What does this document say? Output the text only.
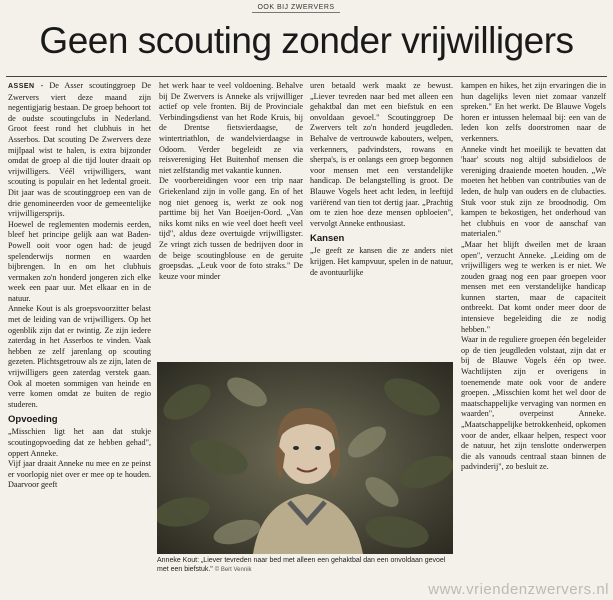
OOK BIJ ZWERVERS
Geen scouting zonder vrijwilligers

ASSEN - De Asser scoutinggroep De Zwervers viert deze maand zijn negentigjarig bestaan. De groep behoort tot de oudste scoutingclubs in Nederland. Groot feest rond het clubhuis in het Asserbos. Dat scouting De Zwervers deze mijlpaal wist te halen, is extra bijzonder omdat de groep al die tijd louter draait op vrijwilligers. Véél vrijwilligers, want scouting is populair en het ledental groeit. Dit jaar was de scoutinggroep een van de drie genomineerden voor de gemeentelijke vrijwilligersprijs.

Hoewel de reglementen modernis eerden, bleef het principe gelijk aan wat Baden-Powell ooit voor ogen had: de jeugd spelenderwijs normen en waarden bijbrengen. In en om het clubhuis vermaken zo'n honderd jongeren zich elke week een paar uur. Met elkaar en in de natuur.

Anneke Kout is als groepsvoorzitter belast met de leiding van de vrijwilligers. Op het ogenblik zijn dat er twintig. Ze zijn iedere zaterdag in het Asserbos te vinden. Vaak hebben ze zelf jarenlang op scouting gezeten. Plichtsgetrouw als ze zijn, laten de vrijwilligers geen zaterdag verstek gaan. Ook al moeten sommigen van heinde en verre komen omdat ze buiten de regio studeren.

Opvoeding

„Misschien ligt het aan dat stukje scoutingopvoeding dat ze hebben gehad", oppert Anneke.

Vijf jaar draait Anneke nu mee en ze peinst er voorlopig niet over er mee op te houden. Daarvoor geeft

het werk haar te veel voldoening. Behalve bij De Zwervers is Anneke als vrijwilliger actief op vele fronten. Bij de Provinciale Verbindingsdienst van het Rode Kruis, bij de Drentse fietsvierdaagse, de wintertriathlon, de wandelvierdaagse in Odoorn. Verder begeleidt ze via reisvereniging Het Buitenhof mensen die niet zelfstandig met vakantie kunnen.

De voorbereidingen voor een trip naar Griekenland zijn in volle gang. En of het nog niet genoeg is, werkt ze ook nog parttime bij het Van Boeijen-Oord. „Van niks komt niks en wie veel doet heeft veel tijd", aldus deze overtuigde vrijwilligster. Ze vringt zich tussen de bedrijven door in de beige scoutingblouse en de geruite groepsdas. „Leuk voor de foto straks." De keuze voor minder

uren betaald werk maakt ze bewust. „Liever tevreden naar bed met alleen een gehaktbal dan met een biefstuk en een onvoldaan gevoel." Scoutinggroep De Zwervers telt zo'n honderd jeugdleden. Behalve de vertrouwde kabouters, welpen, verkenners, padvindsters, rowans en sherpa's, is er onlangs een groep begonnen voor mensen met een verstandelijke handicap. De belangstelling is groot. De Blauwe Vogels heet acht leden, in leeftijd variërend van tien tot dertig jaar. „Prachtig om te zien hoe deze mensen opbloeien", vervolgt Anneke enthousiast.

Kansen

„Je geeft ze kansen die ze anders niet krijgen. Het kampvuur, spelen in de natuur, de avontuurlijke

kampen en hikes, het zijn ervaringen die in hun dagelijks leven niet zomaar vanzelf spreken." En het werkt. De Blauwe Vogels horen er intussen helemaal bij: een van de leden kon zelfs doorstromen naar de verkenners.

Anneke vindt het moeilijk te bevatten dat 'haar' scouts nog altijd subsidieloos de vereniging draaiende moeten houden. „We moeten het hebben van contributies van de leden, de hulp van ouders en de clubacties. Stuk voor stuk zijn ze broodnodig. Om kampen te bekostigen, het onderhoud van het clubhuis en voor de aanschaf van materialen."

„Maar het blijft dweilen met de kraan open", verzucht Anneke. „Leiding om de vrijwilligers weg te werken is er niet. We zouden graag nog een paar groepen voor mensen met een verstandelijke handicap kunnen starten, maar de capaciteit ontbreekt. Dat komt onder meer door de intensieve begeleiding die ze nodig hebben."

Waar in de reguliere groepen één begeleider op de tien jeugdleden volstaat, zijn dat er bij de Blauwe Vogels één op twee. Wachtlijsten zijn er overigens in toenemende mate ook voor de andere groepen. „Misschien komt het wel door de maatschappelijke vervaging van normen en waarden", overpeinst Anneke. „Maatschappelijke betrokkenheid, opkomen voor de ander, elkaar helpen, respect voor de natuur, het zijn tenslotte onderwerpen die als vanouds centraal staan binnen de padvinderij", zo besluit ze.

Anneke Kout: „Liever tevreden naar bed met alleen een gehaktbal dan een onvoldaan gevoel met een biefstuk." © Bert Vennik
www.vriendenzwervers.nl
